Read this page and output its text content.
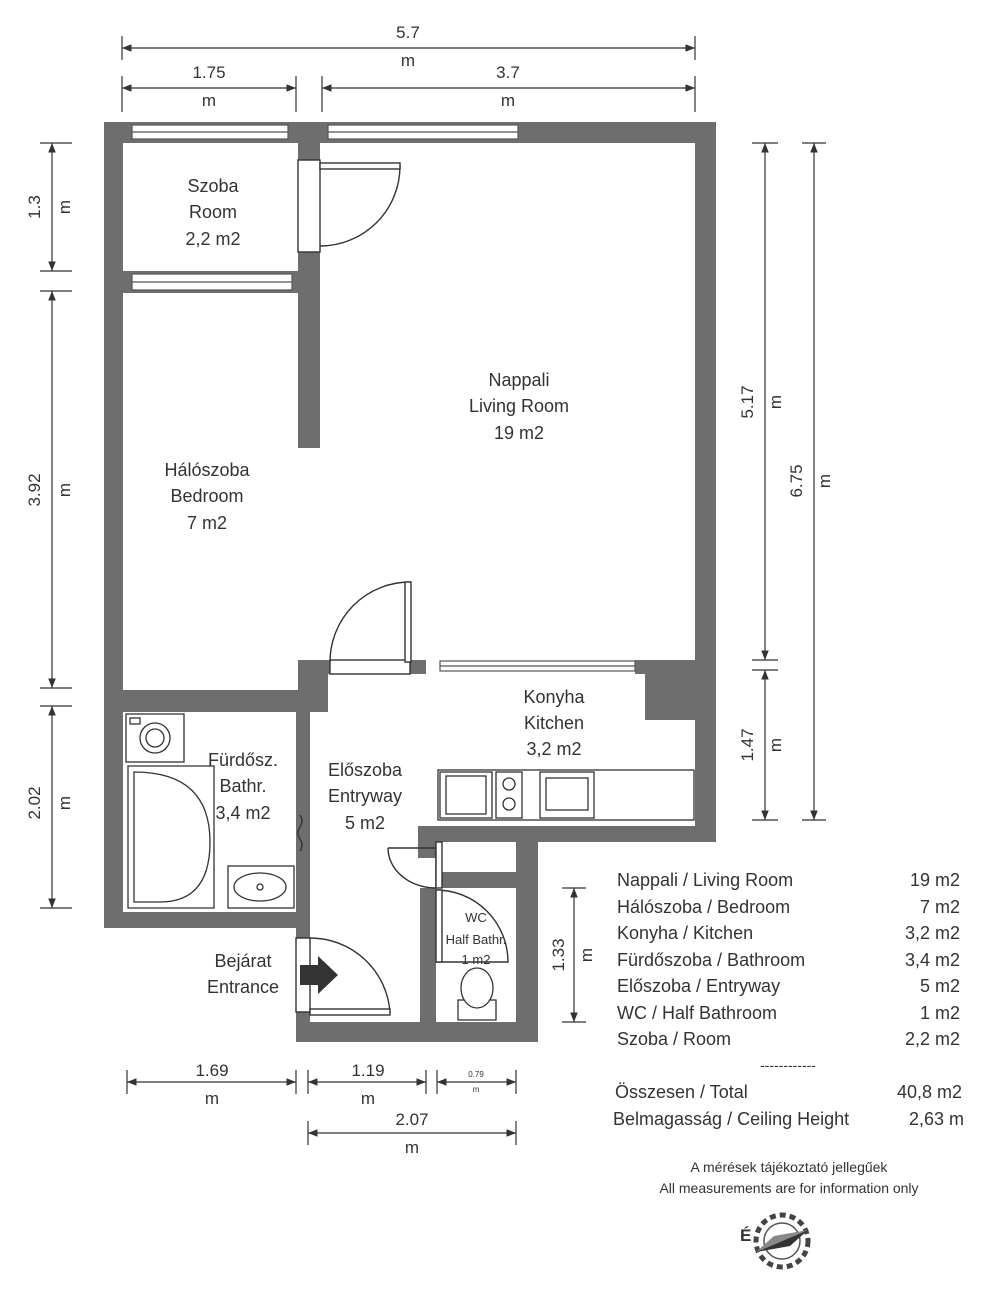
Szoba
Room
2,2 m2
Nappali
Living Room
19 m2
Hálószoba
Bedroom
7 m2
Konyha
Kitchen
3,2 m2
Fürdősz.
Bathr.
3,4 m2
Előszoba
Entryway
5 m2
WC
Half Bathr.
1 m2
Bejárat
Entrance
5.7
m
1.75
m
3.7
m
1.3 m
3.92 m
2.02 m
5.17 m
1.47 m
6.75 m
1.33 m
1.69
m
1.19
m
0.79
m
2.07
m
Nappali / Living Room	19 m2
Hálószoba / Bedroom	7 m2
Konyha / Kitchen	3,2 m2
Fürdőszoba / Bathroom	3,4 m2
Előszoba / Entryway	5 m2
WC / Half Bathroom	1 m2
Szoba / Room	2,2 m2
------------
Összesen / Total	40,8 m2
Belmagasság / Ceiling Height	2,63 m
A mérések tájékoztató jellegűek
All measurements are for information only
É
